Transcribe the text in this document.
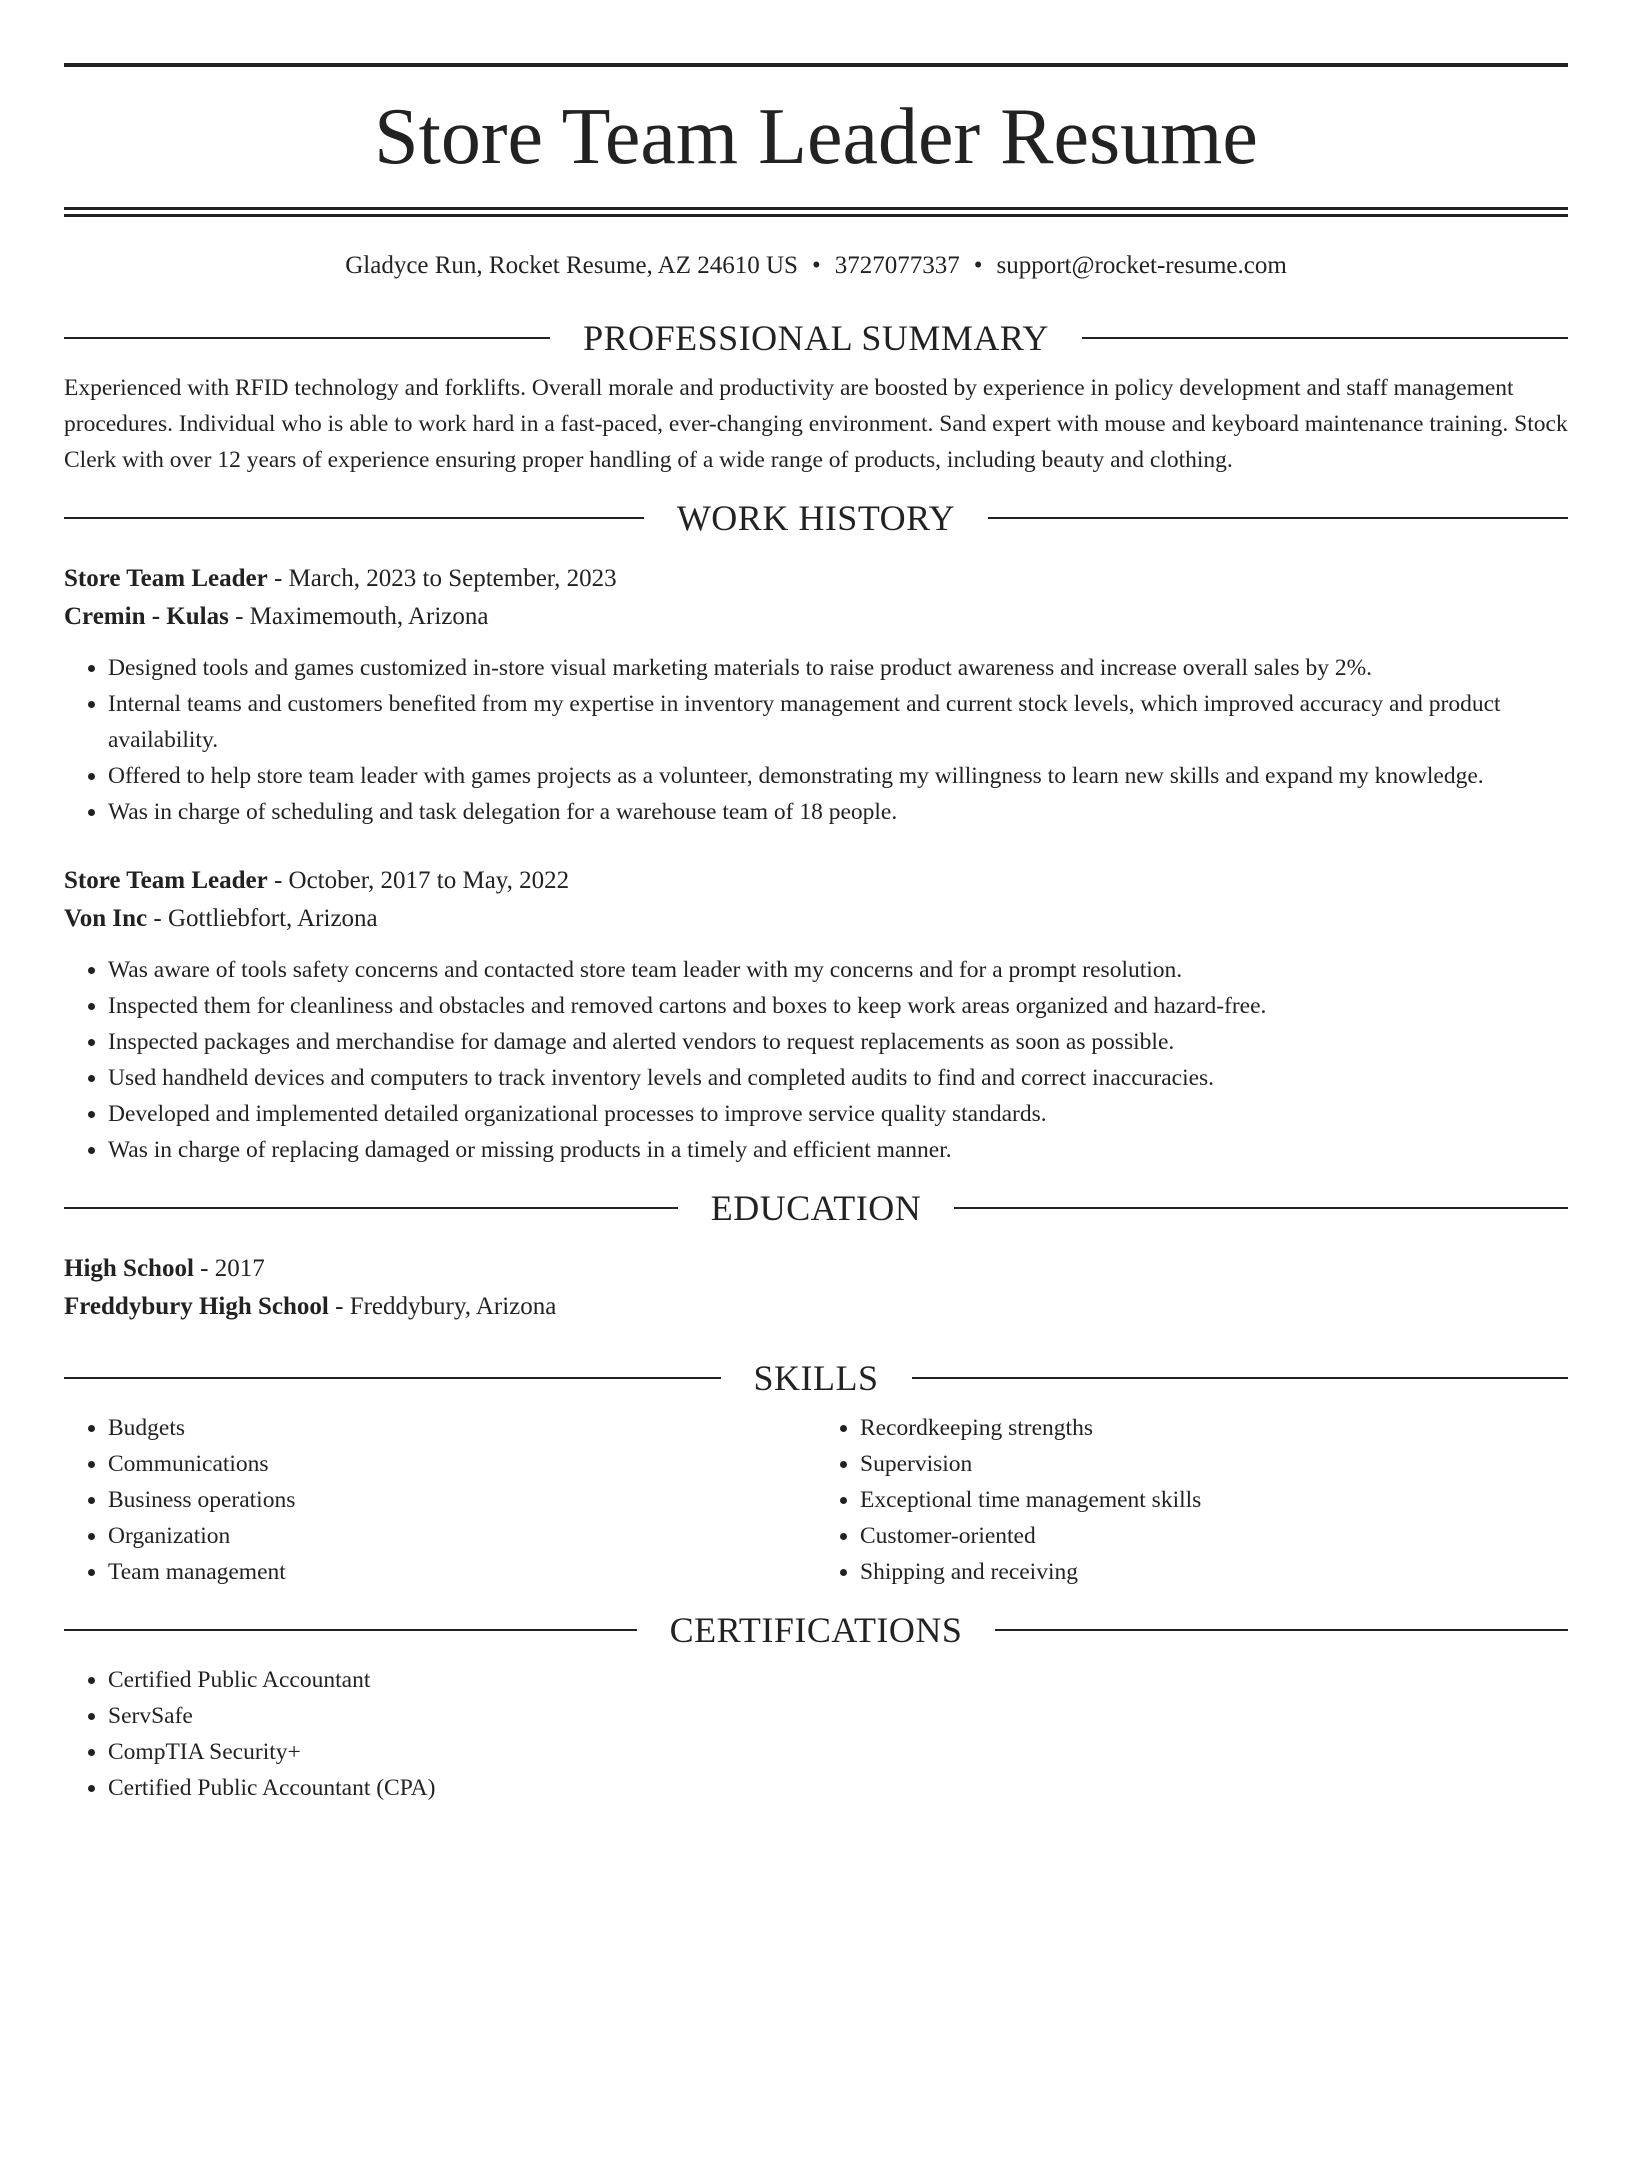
Store Team Leader Resume
Gladyce Run, Rocket Resume, AZ 24610 US • 3727077337 • support@rocket-resume.com
PROFESSIONAL SUMMARY

Experienced with RFID technology and forklifts. Overall morale and productivity are boosted by experience in policy development and staff management procedures. Individual who is able to work hard in a fast-paced, ever-changing environment. Sand expert with mouse and keyboard maintenance training. Stock Clerk with over 12 years of experience ensuring proper handling of a wide range of products, including beauty and clothing.

WORK HISTORY

Store Team Leader - March, 2023 to September, 2023

Cremin - Kulas - Maximemouth, Arizona

• Designed tools and games customized in-store visual marketing materials to raise product awareness and increase overall sales by 2%.
• Internal teams and customers benefited from my expertise in inventory management and current stock levels, which improved accuracy and product availability.
• Offered to help store team leader with games projects as a volunteer, demonstrating my willingness to learn new skills and expand my knowledge.
• Was in charge of scheduling and task delegation for a warehouse team of 18 people.

Store Team Leader - October, 2017 to May, 2022

Von Inc - Gottliebfort, Arizona

• Was aware of tools safety concerns and contacted store team leader with my concerns and for a prompt resolution.
• Inspected them for cleanliness and obstacles and removed cartons and boxes to keep work areas organized and hazard-free.
• Inspected packages and merchandise for damage and alerted vendors to request replacements as soon as possible.
• Used handheld devices and computers to track inventory levels and completed audits to find and correct inaccuracies.
• Developed and implemented detailed organizational processes to improve service quality standards.
• Was in charge of replacing damaged or missing products in a timely and efficient manner.
EDUCATION

High School - 2017

Freddybury High School - Freddybury, Arizona

SKILLS
• Budgets
• Communications
• Business operations
• Organization
• Team management
• Recordkeeping strengths
• Supervision
• Exceptional time management skills
• Customer-oriented
• Shipping and receiving
CERTIFICATIONS
• Certified Public Accountant
• ServSafe
• CompTIA Security+
• Certified Public Accountant (CPA)
